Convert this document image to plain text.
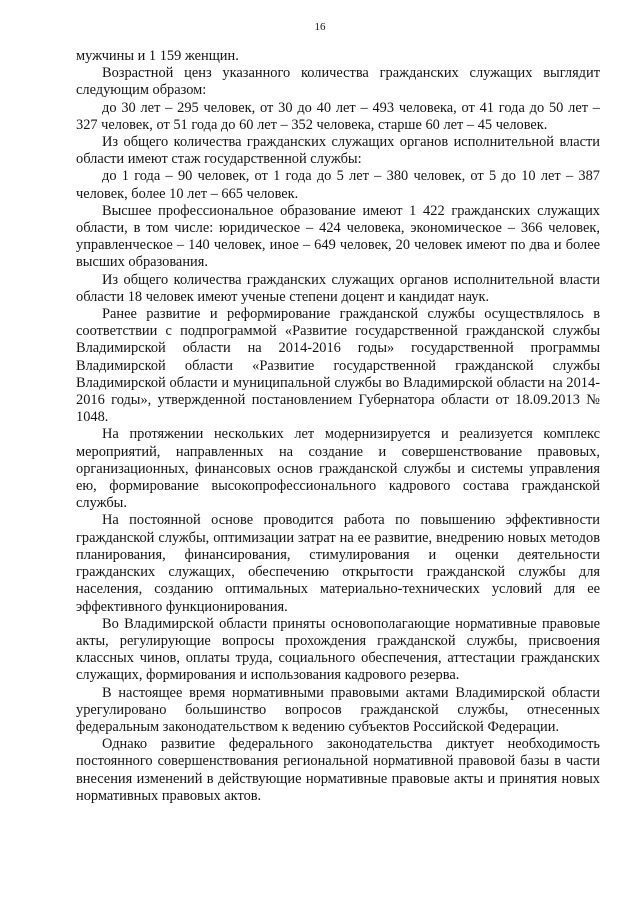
16

мужчины и 1 159 женщин.

Возрастной ценз указанного количества гражданских служащих выглядит следующим образом:

до 30 лет – 295 человек, от 30 до 40 лет – 493 человека, от 41 года до 50 лет – 327 человек, от 51 года до 60 лет – 352 человека, старше 60 лет – 45 человек.

Из общего количества гражданских служащих органов исполнительной власти области имеют стаж государственной службы:

до 1 года – 90 человек, от 1 года до 5 лет – 380 человек, от 5 до 10 лет – 387 человек, более 10 лет – 665 человек.

Высшее профессиональное образование имеют 1 422 гражданских служащих области, в том числе: юридическое – 424 человека, экономическое – 366 человек, управленческое – 140 человек, иное – 649 человек, 20 человек имеют по два и более высших образования.

Из общего количества гражданских служащих органов исполнительной власти области 18 человек имеют ученые степени доцент и кандидат наук.

Ранее развитие и реформирование гражданской службы осуществлялось в соответствии с подпрограммой «Развитие государственной гражданской службы Владимирской области на 2014-2016 годы» государственной программы Владимирской области «Развитие государственной гражданской службы Владимирской области и муниципальной службы во Владимирской области на 2014-2016 годы», утвержденной постановлением Губернатора области от 18.09.2013 № 1048.

На протяжении нескольких лет модернизируется и реализуется комплекс мероприятий, направленных на создание и совершенствование правовых, организационных, финансовых основ гражданской службы и системы управления ею, формирование высокопрофессионального кадрового состава гражданской службы.

На постоянной основе проводится работа по повышению эффективности гражданской службы, оптимизации затрат на ее развитие, внедрению новых методов планирования, финансирования, стимулирования и оценки деятельности гражданских служащих, обеспечению открытости гражданской службы для населения, созданию оптимальных материально-технических условий для ее эффективного функционирования.

Во Владимирской области приняты основополагающие нормативные правовые акты, регулирующие вопросы прохождения гражданской службы, присвоения классных чинов, оплаты труда, социального обеспечения, аттестации гражданских служащих, формирования и использования кадрового резерва.

В настоящее время нормативными правовыми актами Владимирской области урегулировано большинство вопросов гражданской службы, отнесенных федеральным законодательством к ведению субъектов Российской Федерации.

Однако развитие федерального законодательства диктует необходимость постоянного совершенствования региональной нормативной правовой базы в части внесения изменений в действующие нормативные правовые акты и принятия новых нормативных правовых актов.
